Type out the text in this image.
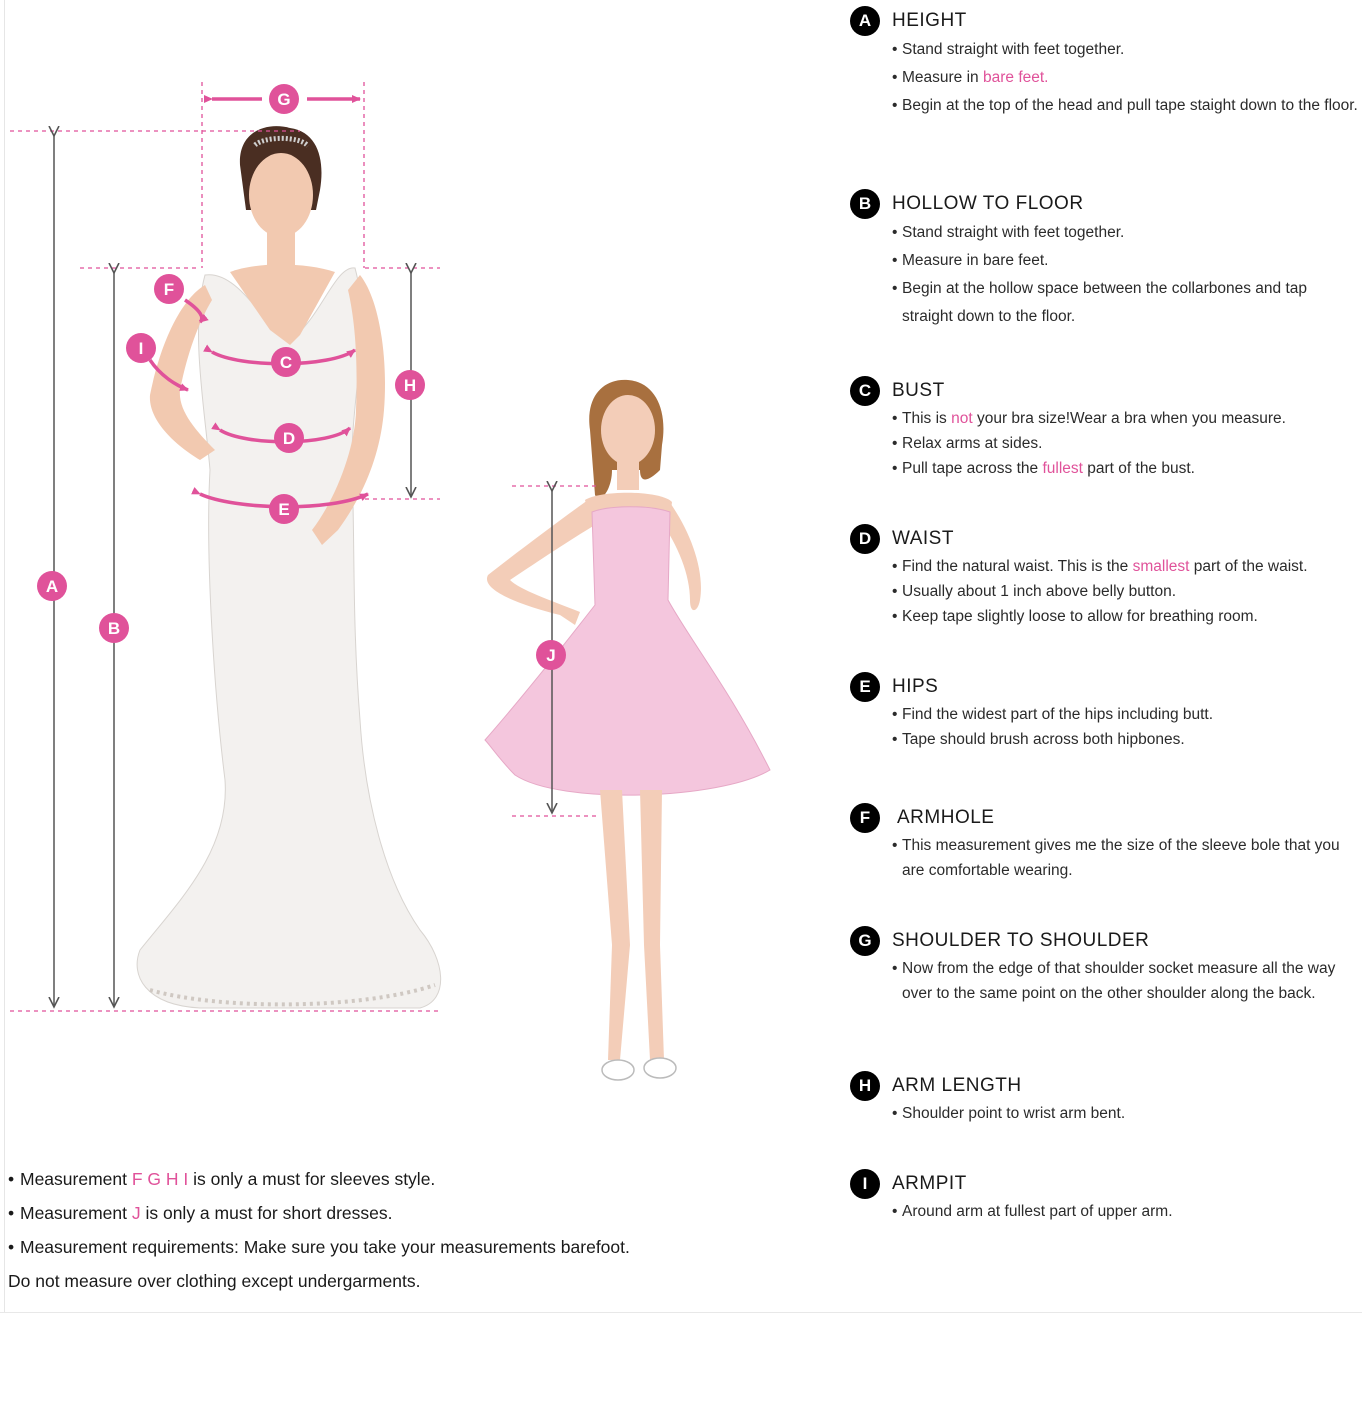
G
F
I
C
H
D
E
A
B
J
A	HEIGHT
• Stand straight with feet together.
• Measure in bare feet.
• Begin at the top of the head and pull tape staight down to the floor.
B	HOLLOW TO FLOOR
• Stand straight with feet together.
• Measure in bare feet.
• Begin at the hollow space between the collarbones and tap straight down to the floor.
C	BUST
• This is not your bra size!Wear a bra when you measure.
• Relax arms at sides.
• Pull tape across the fullest part of the bust.
D	WAIST
• Find the natural waist. This is the smallest part of the waist.
• Usually about 1 inch above belly button.
• Keep tape slightly loose to allow for breathing room.
E	HIPS
• Find the widest part of the hips including butt.
• Tape should brush across both hipbones.
F	ARMHOLE
• This measurement gives me the size of the sleeve bole that you are comfortable wearing.
G	SHOULDER TO SHOULDER
• Now from the edge of that shoulder socket measure all the way over to the same point on the other shoulder along the back.
H	ARM LENGTH
• Shoulder point to wrist arm bent.
I	ARMPIT
• Around arm at fullest part of upper arm.
• Measurement F G H I is only a must for sleeves style.
• Measurement J is only a must for short dresses.
• Measurement requirements: Make sure you take your measurements barefoot.
Do not measure over clothing except undergarments.
